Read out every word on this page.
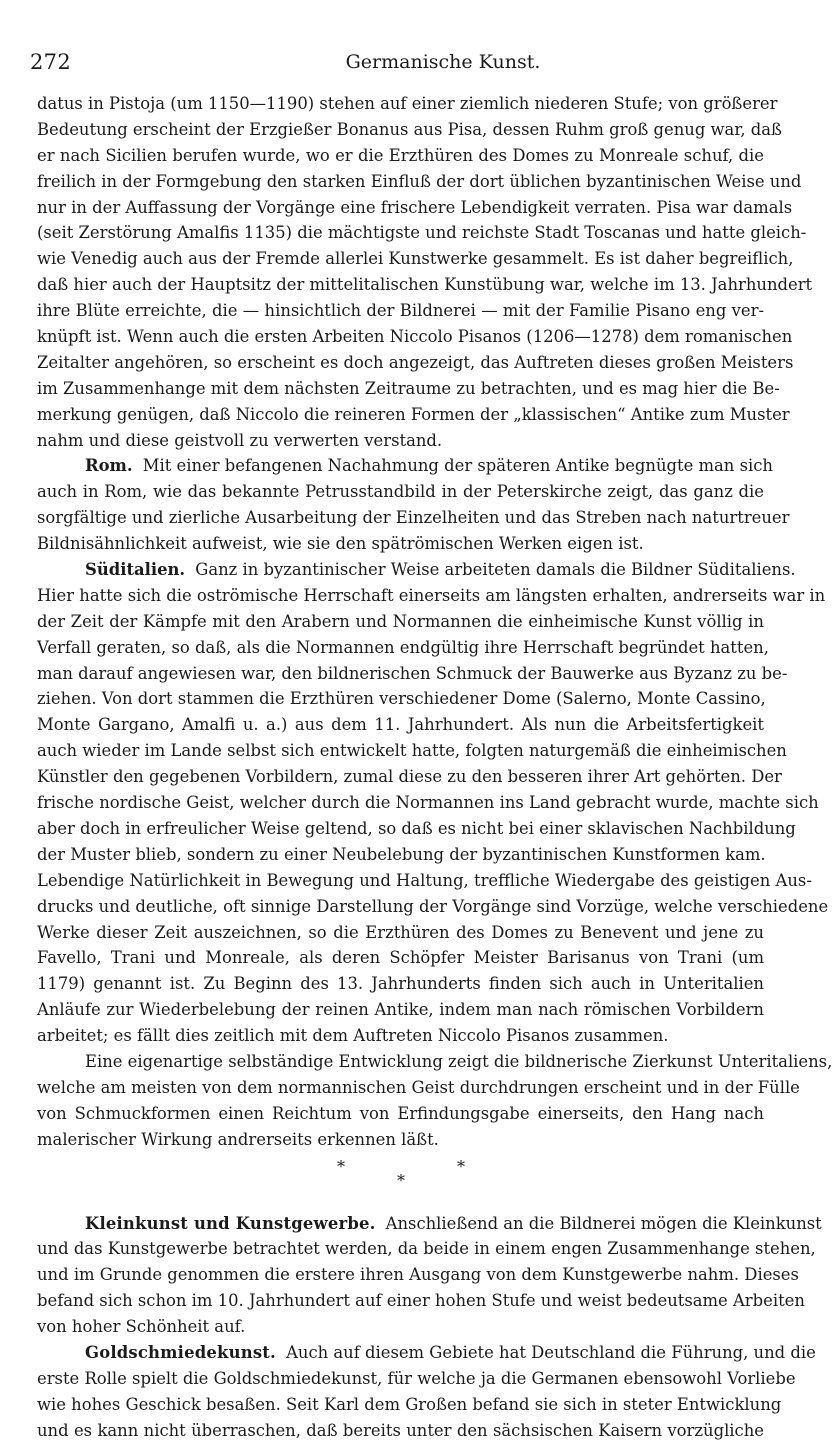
272	Germanische Kunst.
datus in Pistoja (um 1150—1190) stehen auf einer ziemlich niederen Stufe; von größerer
Bedeutung erscheint der Erzgießer Bonanus aus Pisa, dessen Ruhm groß genug war, daß
er nach Sicilien berufen wurde, wo er die Erzthüren des Domes zu Monreale schuf, die
freilich in der Formgebung den starken Einfluß der dort üblichen byzantinischen Weise und
nur in der Auffassung der Vorgänge eine frischere Lebendigkeit verraten. Pisa war damals
(seit Zerstörung Amalfis 1135) die mächtigste und reichste Stadt Toscanas und hatte gleich-
wie Venedig auch aus der Fremde allerlei Kunstwerke gesammelt. Es ist daher begreiflich,
daß hier auch der Hauptsitz der mittelitalischen Kunstübung war, welche im 13. Jahrhundert
ihre Blüte erreichte, die — hinsichtlich der Bildnerei — mit der Familie Pisano eng ver-
knüpft ist. Wenn auch die ersten Arbeiten Niccolo Pisanos (1206—1278) dem romanischen
Zeitalter angehören, so erscheint es doch angezeigt, das Auftreten dieses großen Meisters
im Zusammenhange mit dem nächsten Zeitraume zu betrachten, und es mag hier die Be-
merkung genügen, daß Niccolo die reineren Formen der „klassischen“ Antike zum Muster
nahm und diese geistvoll zu verwerten verstand.
Rom. Mit einer befangenen Nachahmung der späteren Antike begnügte man sich
auch in Rom, wie das bekannte Petrusstandbild in der Peterskirche zeigt, das ganz die
sorgfältige und zierliche Ausarbeitung der Einzelheiten und das Streben nach naturtreuer
Bildnisähnlichkeit aufweist, wie sie den spätrömischen Werken eigen ist.
Süditalien. Ganz in byzantinischer Weise arbeiteten damals die Bildner Süditaliens.
Hier hatte sich die oströmische Herrschaft einerseits am längsten erhalten, andrerseits war in
der Zeit der Kämpfe mit den Arabern und Normannen die einheimische Kunst völlig in
Verfall geraten, so daß, als die Normannen endgültig ihre Herrschaft begründet hatten,
man darauf angewiesen war, den bildnerischen Schmuck der Bauwerke aus Byzanz zu be-
ziehen. Von dort stammen die Erzthüren verschiedener Dome (Salerno, Monte Cassino,
Monte Gargano, Amalfi u. a.) aus dem 11. Jahrhundert. Als nun die Arbeitsfertigkeit
auch wieder im Lande selbst sich entwickelt hatte, folgten naturgemäß die einheimischen
Künstler den gegebenen Vorbildern, zumal diese zu den besseren ihrer Art gehörten. Der
frische nordische Geist, welcher durch die Normannen ins Land gebracht wurde, machte sich
aber doch in erfreulicher Weise geltend, so daß es nicht bei einer sklavischen Nachbildung
der Muster blieb, sondern zu einer Neubelebung der byzantinischen Kunstformen kam.
Lebendige Natürlichkeit in Bewegung und Haltung, treffliche Wiedergabe des geistigen Aus-
drucks und deutliche, oft sinnige Darstellung der Vorgänge sind Vorzüge, welche verschiedene
Werke dieser Zeit auszeichnen, so die Erzthüren des Domes zu Benevent und jene zu
Favello, Trani und Monreale, als deren Schöpfer Meister Barisanus von Trani (um
1179) genannt ist. Zu Beginn des 13. Jahrhunderts finden sich auch in Unteritalien
Anläufe zur Wiederbelebung der reinen Antike, indem man nach römischen Vorbildern
arbeitet; es fällt dies zeitlich mit dem Auftreten Niccolo Pisanos zusammen.
Eine eigenartige selbständige Entwicklung zeigt die bildnerische Zierkunst Unteritaliens,
welche am meisten von dem normannischen Geist durchdrungen erscheint und in der Fülle
von Schmuckformen einen Reichtum von Erfindungsgabe einerseits, den Hang nach
malerischer Wirkung andrerseits erkennen läßt.
*
*
*
Kleinkunst und Kunstgewerbe. Anschließend an die Bildnerei mögen die Kleinkunst
und das Kunstgewerbe betrachtet werden, da beide in einem engen Zusammenhange stehen,
und im Grunde genommen die erstere ihren Ausgang von dem Kunstgewerbe nahm. Dieses
befand sich schon im 10. Jahrhundert auf einer hohen Stufe und weist bedeutsame Arbeiten
von hoher Schönheit auf.
Goldschmiedekunst. Auch auf diesem Gebiete hat Deutschland die Führung, und die
erste Rolle spielt die Goldschmiedekunst, für welche ja die Germanen ebensowohl Vorliebe
wie hohes Geschick besaßen. Seit Karl dem Großen befand sie sich in steter Entwicklung
und es kann nicht überraschen, daß bereits unter den sächsischen Kaisern vorzügliche
